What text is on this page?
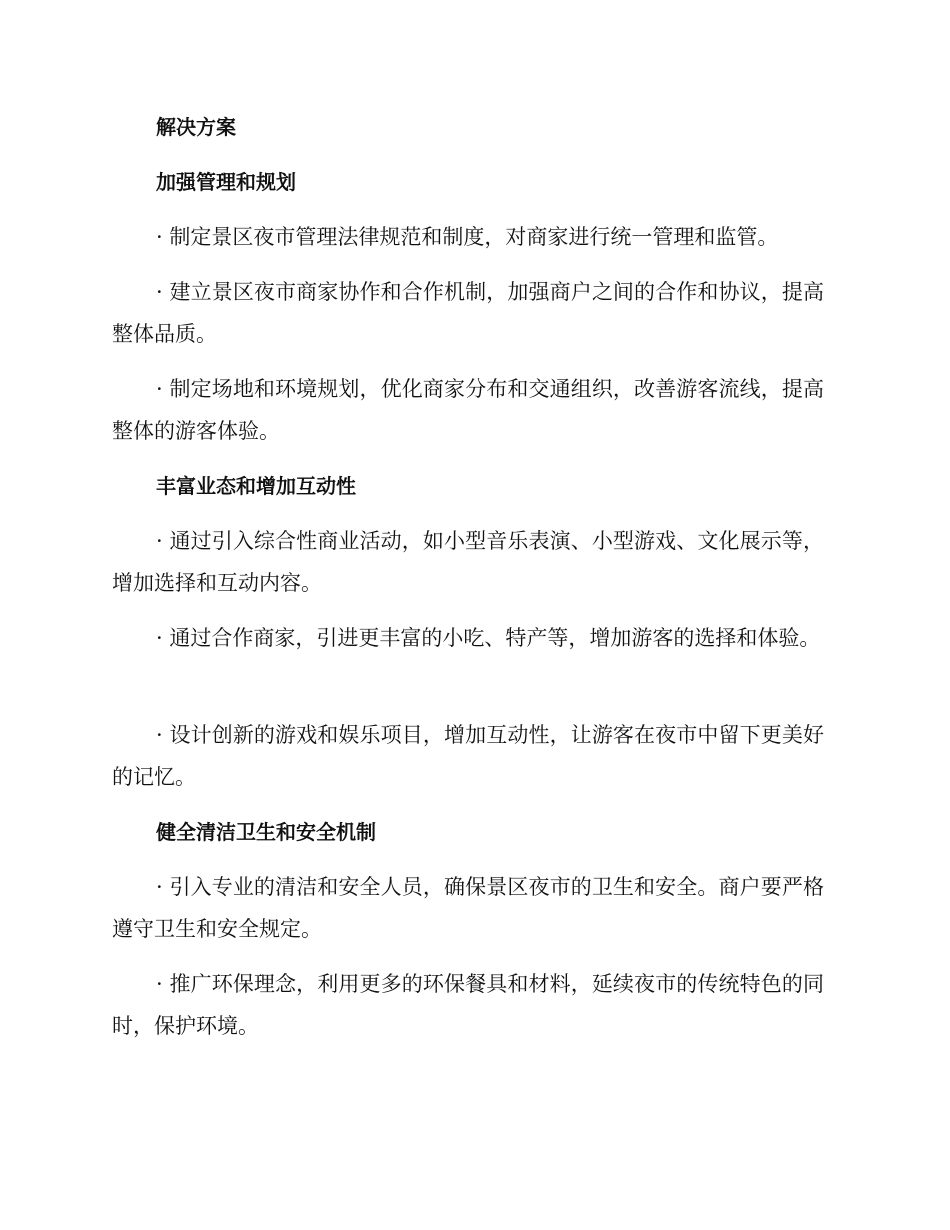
解决方案

加强管理和规划

· 制定景区夜市管理法律规范和制度，对商家进行统一管理和监管。

· 建立景区夜市商家协作和合作机制，加强商户之间的合作和协议，提高整体品质。

· 制定场地和环境规划，优化商家分布和交通组织，改善游客流线，提高整体的游客体验。

丰富业态和增加互动性

· 通过引入综合性商业活动，如小型音乐表演、小型游戏、文化展示等，增加选择和互动内容。

· 通过合作商家，引进更丰富的小吃、特产等，增加游客的选择和体验。

· 设计创新的游戏和娱乐项目，增加互动性，让游客在夜市中留下更美好的记忆。

健全清洁卫生和安全机制

· 引入专业的清洁和安全人员，确保景区夜市的卫生和安全。商户要严格遵守卫生和安全规定。

· 推广环保理念，利用更多的环保餐具和材料，延续夜市的传统特色的同时，保护环境。
